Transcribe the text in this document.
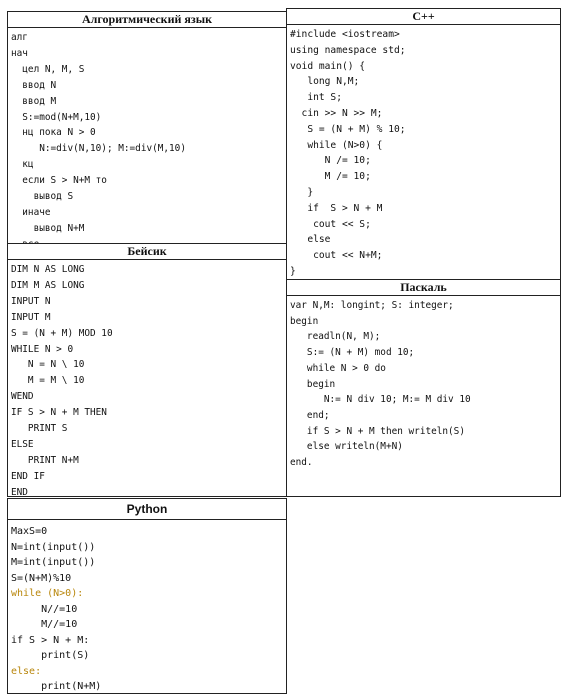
Алгоритмический язык
алг
нач
цел N, M, S
ввод N
ввод M
S:=mod(N+M,10)
нц пока N > 0
N:=div(N,10); M:=div(M,10)
кц
если S > N+M то
вывод S
иначе
вывод N+M
Бейсик
DIM N AS LONG
DIM M AS LONG
INPUT N
INPUT M
S = (N + M) MOD 10
WHILE N > 0
N = N \ 10
M = M \ 10
WEND
IF S > N + M THEN
PRINT S
ELSE
PRINT N+M
END IF
END
C++
#include <iostream>
using namespace std;
void main() {
long N,M;
int S;
cin >> N >> M;
S = (N + M) % 10;
while (N>0) {
N /= 10;
M /= 10;
}
if  S > N + M
cout << S;
else
cout << N+M;
}
Паскаль
var N,M: longint; S: integer;
begin
readln(N, M);
S:= (N + M) mod 10;
while N > 0 do
begin
N:= N div 10; M:= M div 10
end;
if S > N + M then writeln(S)
else writeln(M+N)
end.
Python
MaxS=0
N=int(input())
M=int(input())
S=(N+M)%10
while (N>0):
N//=10
M//=10
if S > N + M:
print(S)
else:
print(N+M)
